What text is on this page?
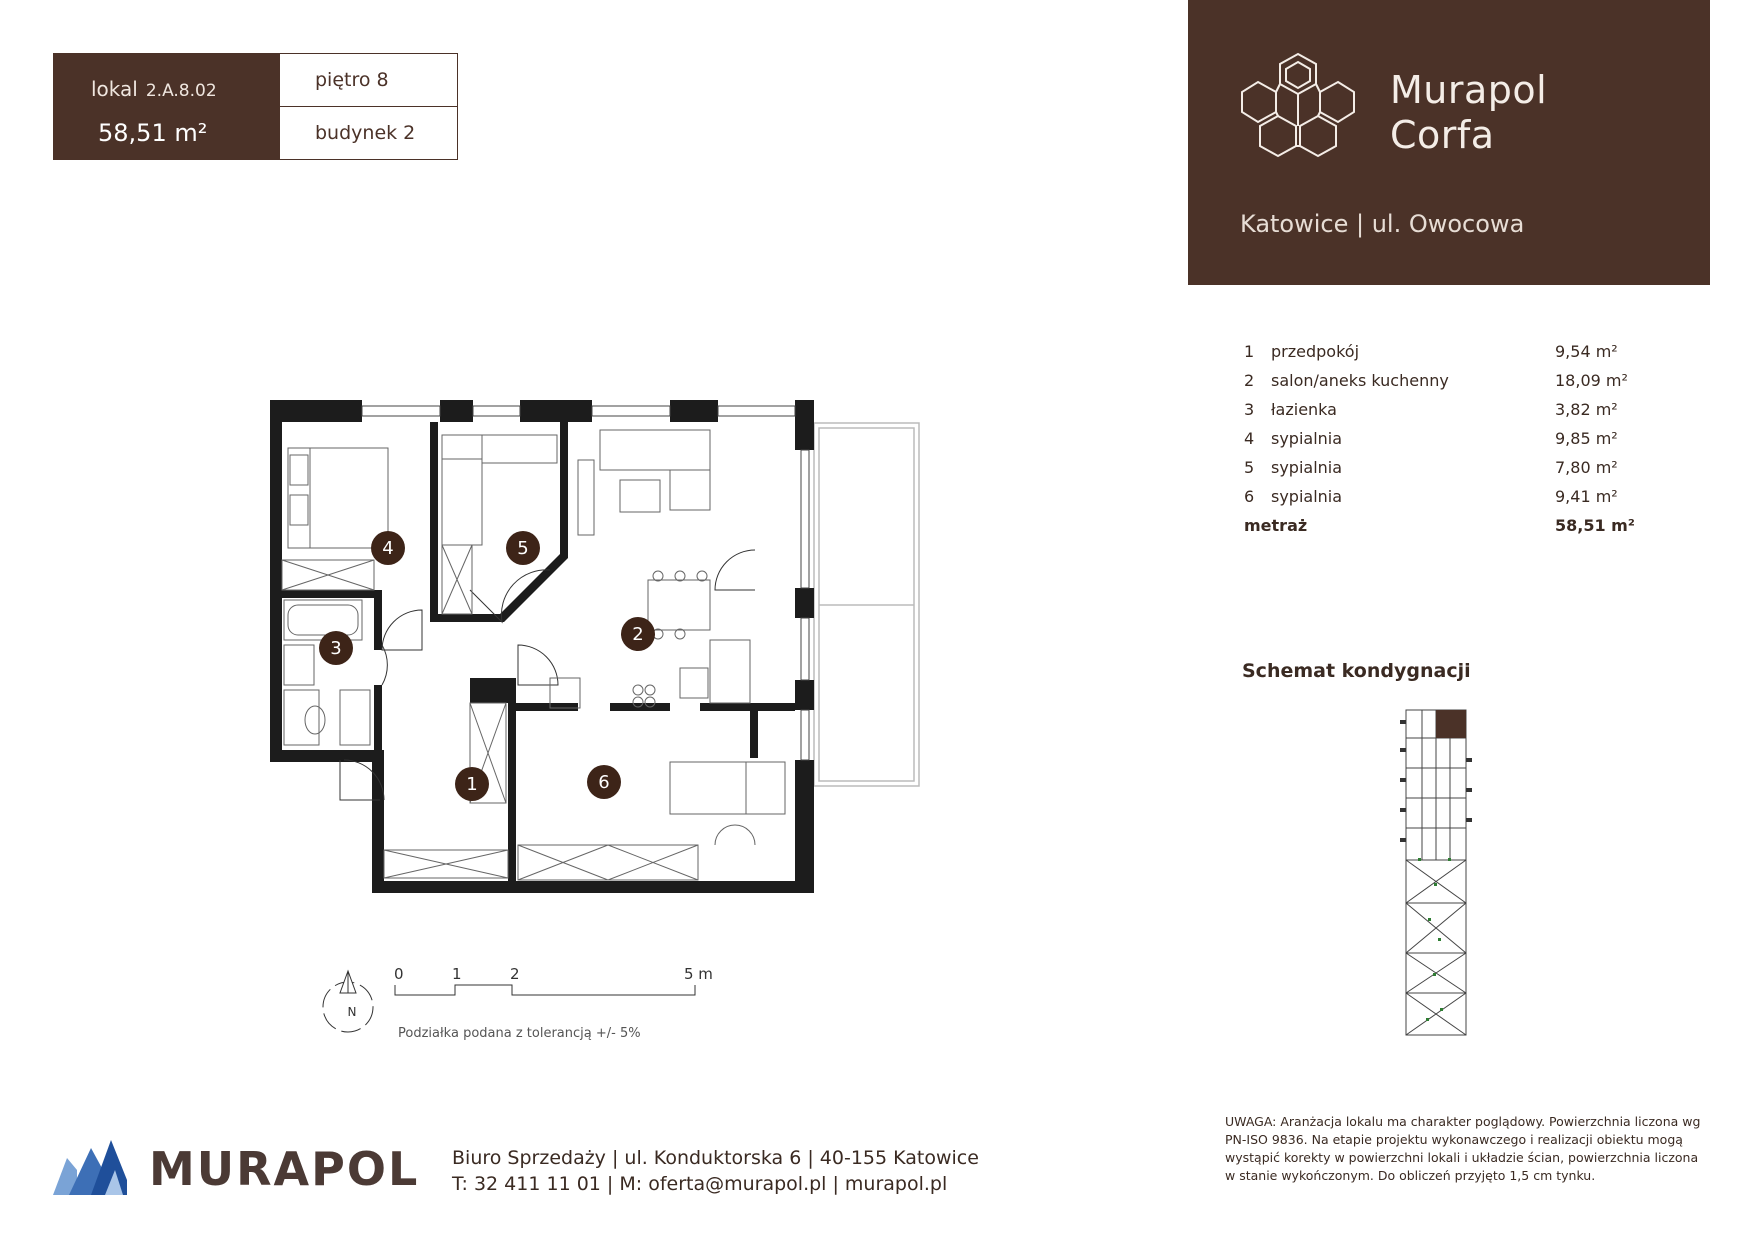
lokal 2.A.8.02
58,51 m²
piętro 8
budynek 2
Murapol
Corfa
Katowice | ul. Owocowa
1 przedpokój	9,54 m²
2 salon/aneks kuchenny	18,09 m²
3 łazienka	3,82 m²
4 sypialnia	9,85 m²
5 sypialnia	7,80 m²
6 sypialnia	9,41 m²
metraż	58,51 m²
Schemat kondygnacji
4	5
3
2
1	6
N
0	1	2	5 m
Podziałka podana z tolerancją +/- 5%
MURAPOL Biuro Sprzedaży | ul. Konduktorska 6 | 40-155 Katowice
T: 32 411 11 01 | M: oferta@murapol.pl | murapol.pl
UWAGA: Aranżacja lokalu ma charakter poglądowy. Powierzchnia liczona wg PN-ISO 9836. Na etapie projektu wykonawczego i realizacji obiektu mogą wystąpić korekty w powierzchni lokali i układzie ścian, powierzchnia liczona w stanie wykończonym. Do obliczeń przyjęto 1,5 cm tynku.
